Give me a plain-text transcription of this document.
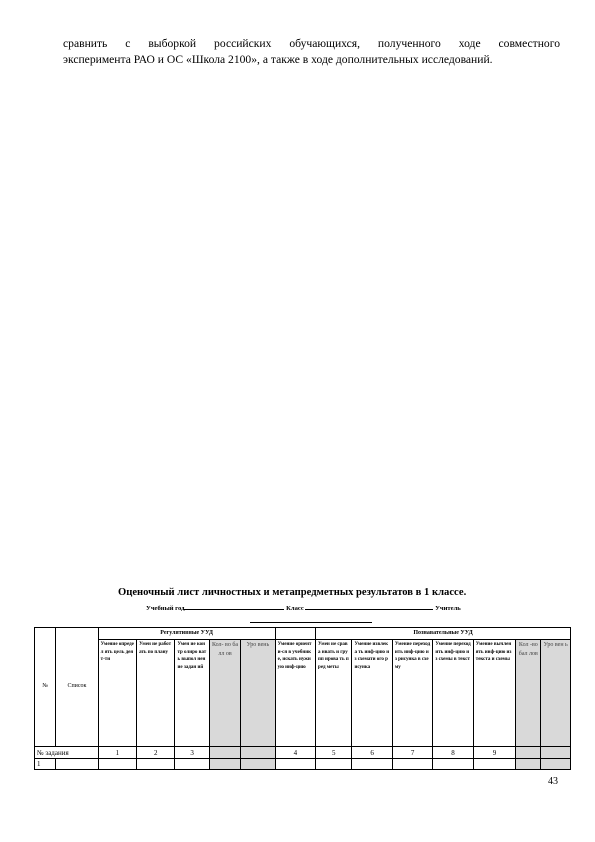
сравнить с выборкой российских обучающихся, полученного ходе совместного
эксперимента РАО и ОС «Школа 2100», а также в ходе дополнительных исследований.
Оценочный лист личностных и метапредметных результатов в 1 классе.
Учебный год	Класс	Учитель
№	Список	Регулятивные УУД						Познавательные УУД						
		Умение определ ять цель деят-ти	Умен ие работ ать по плану	Умен ие контр олиро вать выпол нение задан ий	Кол- во балл ов	Уро вень	Умение ориенти-ся в учебнике, искать нужную инф-цию	Умен ие срава нвать и групп ирова ть пред меты	Умение извлека ть инф-цию из схемати ого рисунка	Умение переход ить инф-цию из рисунка в схему	Умение переход ить инф-цию из схемы в текст	Умение вычлен ять инф-цию из текста и схемы	Кол -во бал лов	Уро вен ь
№ задания		1	2	3			4	5	6	7	8	9		
1														
43
